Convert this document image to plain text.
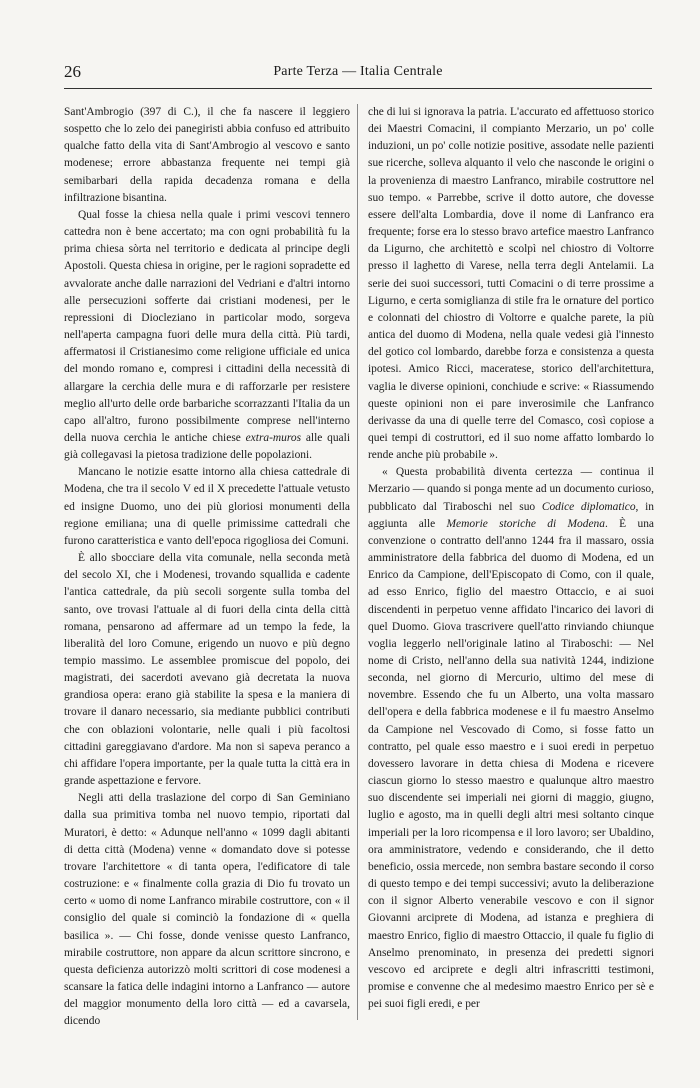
26	Parte Terza — Italia Centrale

Sant'Ambrogio (397 di C.), il che fa nascere il leggiero sospetto che lo zelo dei panegiristi abbia confuso ed attribuito qualche fatto della vita di Sant'Ambrogio al vescovo e santo modenese; errore abbastanza frequente nei tempi già semibarbari della rapida decadenza romana e della infiltrazione bisantina.

Qual fosse la chiesa nella quale i primi vescovi tennero cattedra non è bene accertato; ma con ogni probabilità fu la prima chiesa sòrta nel territorio e dedicata al principe degli Apostoli. Questa chiesa in origine, per le ragioni sopradette ed avvalorate anche dalle narrazioni del Vedriani e d'altri intorno alle persecuzioni sofferte dai cristiani modenesi, per le repressioni di Diocleziano in particolar modo, sorgeva nell'aperta campagna fuori delle mura della città. Più tardi, affermatosi il Cristianesimo come religione ufficiale ed unica del mondo romano e, compresi i cittadini della necessità di allargare la cerchia delle mura e di rafforzarle per resistere meglio all'urto delle orde barbariche scorrazzanti l'Italia da un capo all'altro, furono possibilmente comprese nell'interno della nuova cerchia le antiche chiese extra-muros alle quali già collegavasi la pietosa tradizione delle popolazioni.

Mancano le notizie esatte intorno alla chiesa cattedrale di Modena, che tra il secolo V ed il X precedette l'attuale vetusto ed insigne Duomo, uno dei più gloriosi monumenti della regione emiliana; una di quelle primissime cattedrali che furono caratteristica e vanto dell'epoca rigogliosa dei Comuni.

È allo sbocciare della vita comunale, nella seconda metà del secolo XI, che i Modenesi, trovando squallida e cadente l'antica cattedrale, da più secoli sorgente sulla tomba del santo, ove trovasi l'attuale al di fuori della cinta della città romana, pensarono ad affermare ad un tempo la fede, la liberalità del loro Comune, erigendo un nuovo e più degno tempio massimo. Le assemblee promiscue del popolo, dei magistrati, dei sacerdoti avevano già decretata la nuova grandiosa opera: erano già stabilite la spesa e la maniera di trovare il danaro necessario, sia mediante pubblici contributi che con oblazioni volontarie, nelle quali i più facoltosi cittadini gareggiavano d'ardore. Ma non si sapeva peranco a chi affidare l'opera importante, per la quale tutta la città era in grande aspettazione e fervore.

Negli atti della traslazione del corpo di San Geminiano dalla sua primitiva tomba nel nuovo tempio, riportati dal Muratori, è detto: « Adunque nell'anno « 1099 dagli abitanti di detta città (Modena) venne « domandato dove si potesse trovare l'architettore « di tanta opera, l'edificatore di tale costruzione: e « finalmente colla grazia di Dio fu trovato un certo « uomo di nome Lanfranco mirabile costruttore, con « il consiglio del quale si cominciò la fondazione di « quella basilica ». — Chi fosse, donde venisse questo Lanfranco, mirabile costruttore, non appare da alcun scrittore sincrono, e questa deficienza autorizzò molti scrittori di cose modenesi a scansare la fatica delle indagini intorno a Lanfranco — autore del maggior monumento della loro città — ed a cavarsela, dicendo

che di lui si ignorava la patria. L'accurato ed affettuoso storico dei Maestri Comacini, il compianto Merzario, un po' colle induzioni, un po' colle notizie positive, assodate nelle pazienti sue ricerche, solleva alquanto il velo che nasconde le origini o la provenienza di maestro Lanfranco, mirabile costruttore nel suo tempo. « Parrebbe, scrive il dotto autore, che dovesse essere dell'alta Lombardia, dove il nome di Lanfranco era frequente; forse era lo stesso bravo artefice maestro Lanfranco da Ligurno, che architettò e scolpì nel chiostro di Voltorre presso il laghetto di Varese, nella terra degli Antelamii. La serie dei suoi successori, tutti Comacini o di terre prossime a Ligurno, e certa somiglianza di stile fra le ornature del portico e colonnati del chiostro di Voltorre e qualche parete, la più antica del duomo di Modena, nella quale vedesi già l'innesto del gotico col lombardo, darebbe forza e consistenza a questa ipotesi. Amico Ricci, maceratese, storico dell'architettura, vaglia le diverse opinioni, conchiude e scrive: « Riassumendo queste opinioni non ei pare inverosimile che Lanfranco derivasse da una di quelle terre del Comasco, così copiose a quei tempi di costruttori, ed il suo nome affatto lombardo lo rende anche più probabile ».

« Questa probabilità diventa certezza — continua il Merzario — quando si ponga mente ad un documento curioso, pubblicato dal Tiraboschi nel suo Codice diplomatico, in aggiunta alle Memorie storiche di Modena. È una convenzione o contratto dell'anno 1244 fra il massaro, ossia amministratore della fabbrica del duomo di Modena, ed un Enrico da Campione, dell'Episcopato di Como, con il quale, ad esso Enrico, figlio del maestro Ottaccio, e ai suoi discendenti in perpetuo venne affidato l'incarico dei lavori di quel Duomo. Giova trascrivere quell'atto rinviando chiunque voglia leggerlo nell'originale latino al Tiraboschi: — Nel nome di Cristo, nell'anno della sua natività 1244, indizione seconda, nel giorno di Mercurio, ultimo del mese di novembre. Essendo che fu un Alberto, una volta massaro dell'opera e della fabbrica modenese e il fu maestro Anselmo da Campione nel Vescovado di Como, si fosse fatto un contratto, pel quale esso maestro e i suoi eredi in perpetuo dovessero lavorare in detta chiesa di Modena e ricevere ciascun giorno lo stesso maestro e qualunque altro maestro suo discendente sei imperiali nei giorni di maggio, giugno, luglio e agosto, ma in quelli degli altri mesi soltanto cinque imperiali per la loro ricompensa e il loro lavoro; ser Ubaldino, ora amministratore, vedendo e considerando, che il detto beneficio, ossia mercede, non sembra bastare secondo il corso di questo tempo e dei tempi successivi; avuto la deliberazione con il signor Alberto venerabile vescovo e con il signor Giovanni arciprete di Modena, ad istanza e preghiera di maestro Enrico, figlio di maestro Ottaccio, il quale fu figlio di Anselmo prenominato, in presenza dei predetti signori vescovo ed arciprete e degli altri infrascritti testimoni, promise e convenne che al medesimo maestro Enrico per sè e pei suoi figli eredi, e per
